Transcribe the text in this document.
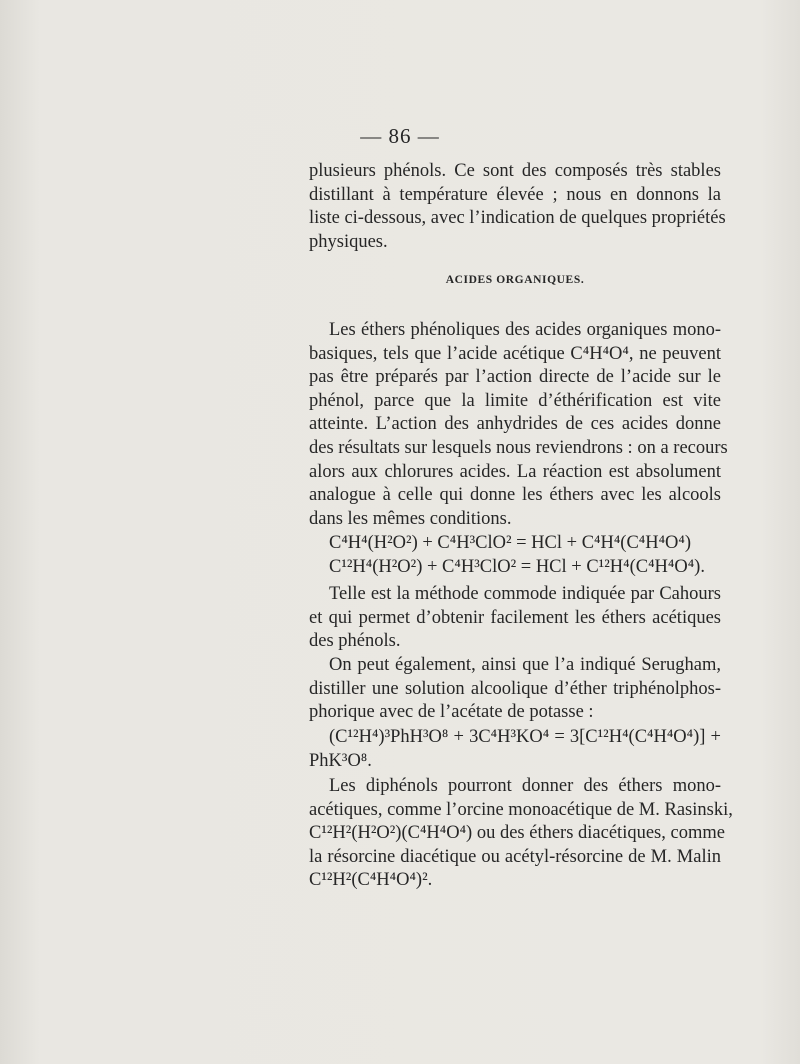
— 86 —
plusieurs phénols. Ce sont des composés très stables
distillant à température élevée ; nous en donnons la
liste ci-dessous, avec l’indication de quelques propriétés
physiques.
ACIDES ORGANIQUES.
Les éthers phénoliques des acides organiques mono-
basiques, tels que l’acide acétique C⁴H⁴O⁴, ne peuvent
pas être préparés par l’action directe de l’acide sur le
phénol, parce que la limite d’éthérification est vite
atteinte. L’action des anhydrides de ces acides donne
des résultats sur lesquels nous reviendrons : on a recours
alors aux chlorures acides. La réaction est absolument
analogue à celle qui donne les éthers avec les alcools
dans les mêmes conditions.
C⁴H⁴(H²O²) + C⁴H³ClO² = HCl + C⁴H⁴(C⁴H⁴O⁴)
C¹²H⁴(H²O²) + C⁴H³ClO² = HCl + C¹²H⁴(C⁴H⁴O⁴).
Telle est la méthode commode indiquée par Cahours
et qui permet d’obtenir facilement les éthers acétiques
des phénols.
On peut également, ainsi que l’a indiqué Serugham,
distiller une solution alcoolique d’éther triphénolphos-
phorique avec de l’acétate de potasse :
(C¹²H⁴)³PhH³O⁸ + 3C⁴H³KO⁴ = 3[C¹²H⁴(C⁴H⁴O⁴)] +
PhK³O⁸.
Les diphénols pourront donner des éthers mono-
acétiques, comme l’orcine monoacétique de M. Rasinski,
C¹²H²(H²O²)(C⁴H⁴O⁴) ou des éthers diacétiques, comme
la résorcine diacétique ou acétyl-résorcine de M. Malin
C¹²H²(C⁴H⁴O⁴)².
